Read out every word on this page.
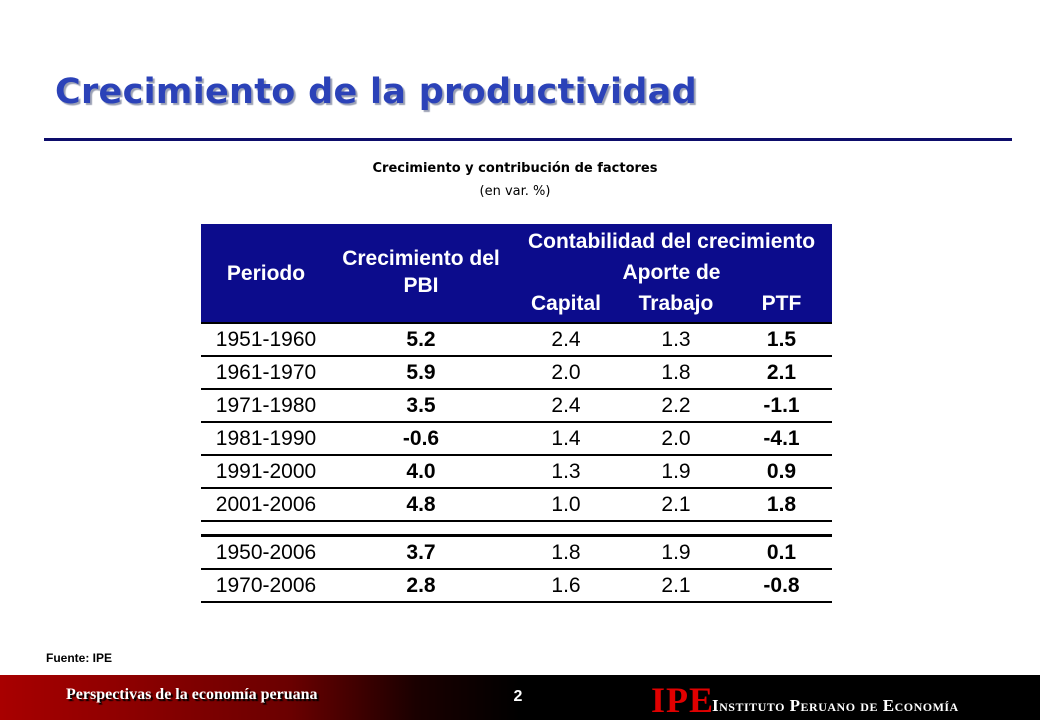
Crecimiento de la productividad
Crecimiento y contribución de factores
(en var. %)
Periodo
Crecimiento del
PBI
Contabilidad del crecimiento
Aporte de
Capital	Trabajo	PTF
1951-1960	5.2	2.4	1.3	1.5
1961-1970	5.9	2.0	1.8	2.1
1971-1980	3.5	2.4	2.2	-1.1
1981-1990	-0.6	1.4	2.0	-4.1
1991-2000	4.0	1.3	1.9	0.9
2001-2006	4.8	1.0	2.1	1.8
1950-2006	3.7	1.8	1.9	0.1
1970-2006	2.8	1.6	2.1	-0.8
Fuente: IPE
Perspectivas de la economía peruana	2	IPE
Instituto Peruano de Economía
